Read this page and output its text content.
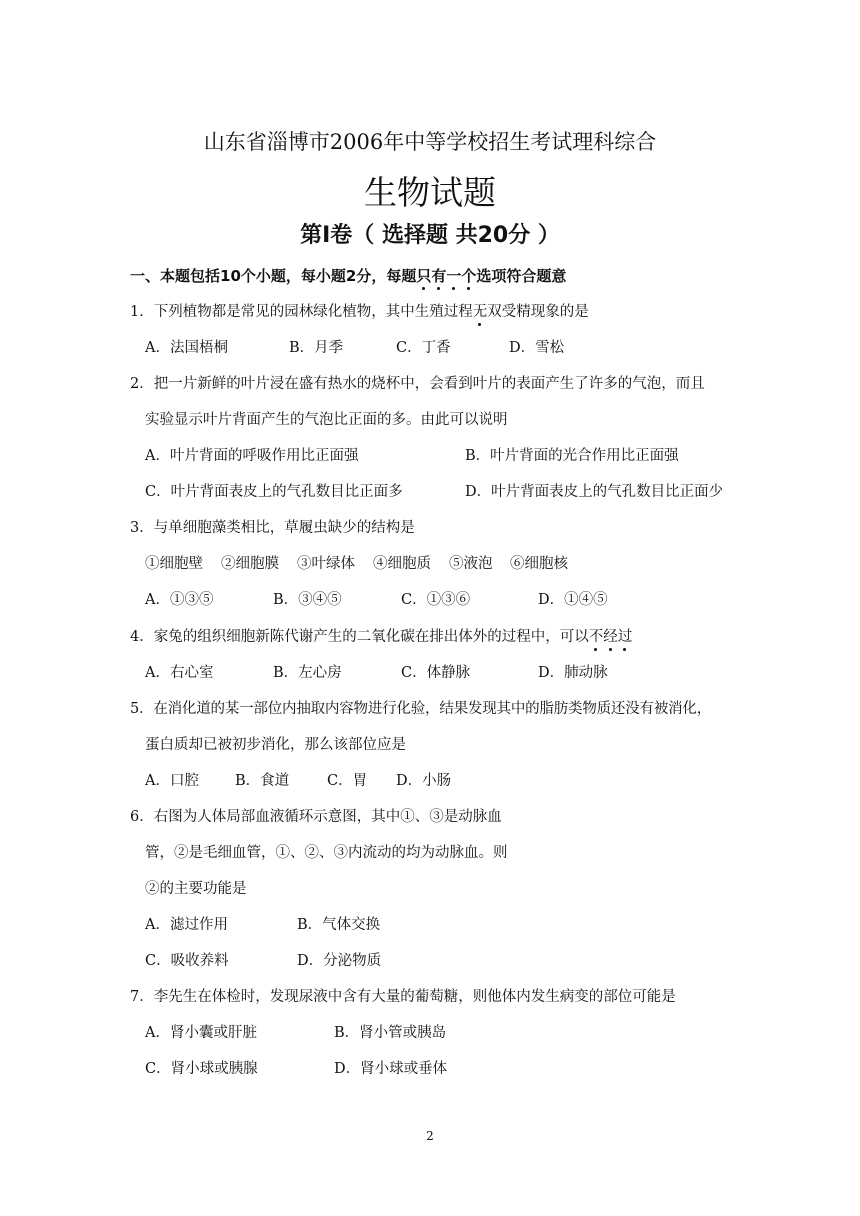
山东省淄博市2006年中等学校招生考试理科综合
生物试题
第Ⅰ卷（ 选择题 共20分 ）
一、本题包括10个小题，每小题2分，每题只有一个选项符合题意
1．下列植物都是常见的园林绿化植物，其中生殖过程无双受精现象的是
A．法国梧桐	B．月季	C．丁香	D．雪松
2．把一片新鲜的叶片浸在盛有热水的烧杯中，会看到叶片的表面产生了许多的气泡，而且
实验显示叶片背面产生的气泡比正面的多。由此可以说明
A．叶片背面的呼吸作用比正面强	B．叶片背面的光合作用比正面强
C．叶片背面表皮上的气孔数目比正面多	D．叶片背面表皮上的气孔数目比正面少
3．与单细胞藻类相比，草履虫缺少的结构是
①细胞壁 ②细胞膜 ③叶绿体 ④细胞质 ⑤液泡 ⑥细胞核
A．①③⑤	B．③④⑤	C．①③⑥	D．①④⑤
4．家兔的组织细胞新陈代谢产生的二氧化碳在排出体外的过程中，可以不经过
A．右心室	B．左心房	C．体静脉	D．肺动脉
5．在消化道的某一部位内抽取内容物进行化验，结果发现其中的脂肪类物质还没有被消化，
蛋白质却已被初步消化，那么该部位应是
A．口腔 B．食道	C．胃 D．小肠
6．右图为人体局部血液循环示意图，其中①、③是动脉血
管，②是毛细血管，①、②、③内流动的均为动脉血。则
②的主要功能是
A．滤过作用	B．气体交换
C．吸收养料	D．分泌物质
7．李先生在体检时，发现尿液中含有大量的葡萄糖，则他体内发生病变的部位可能是
A．肾小囊或肝脏	B．肾小管或胰岛
C．肾小球或胰腺	D．肾小球或垂体
2
